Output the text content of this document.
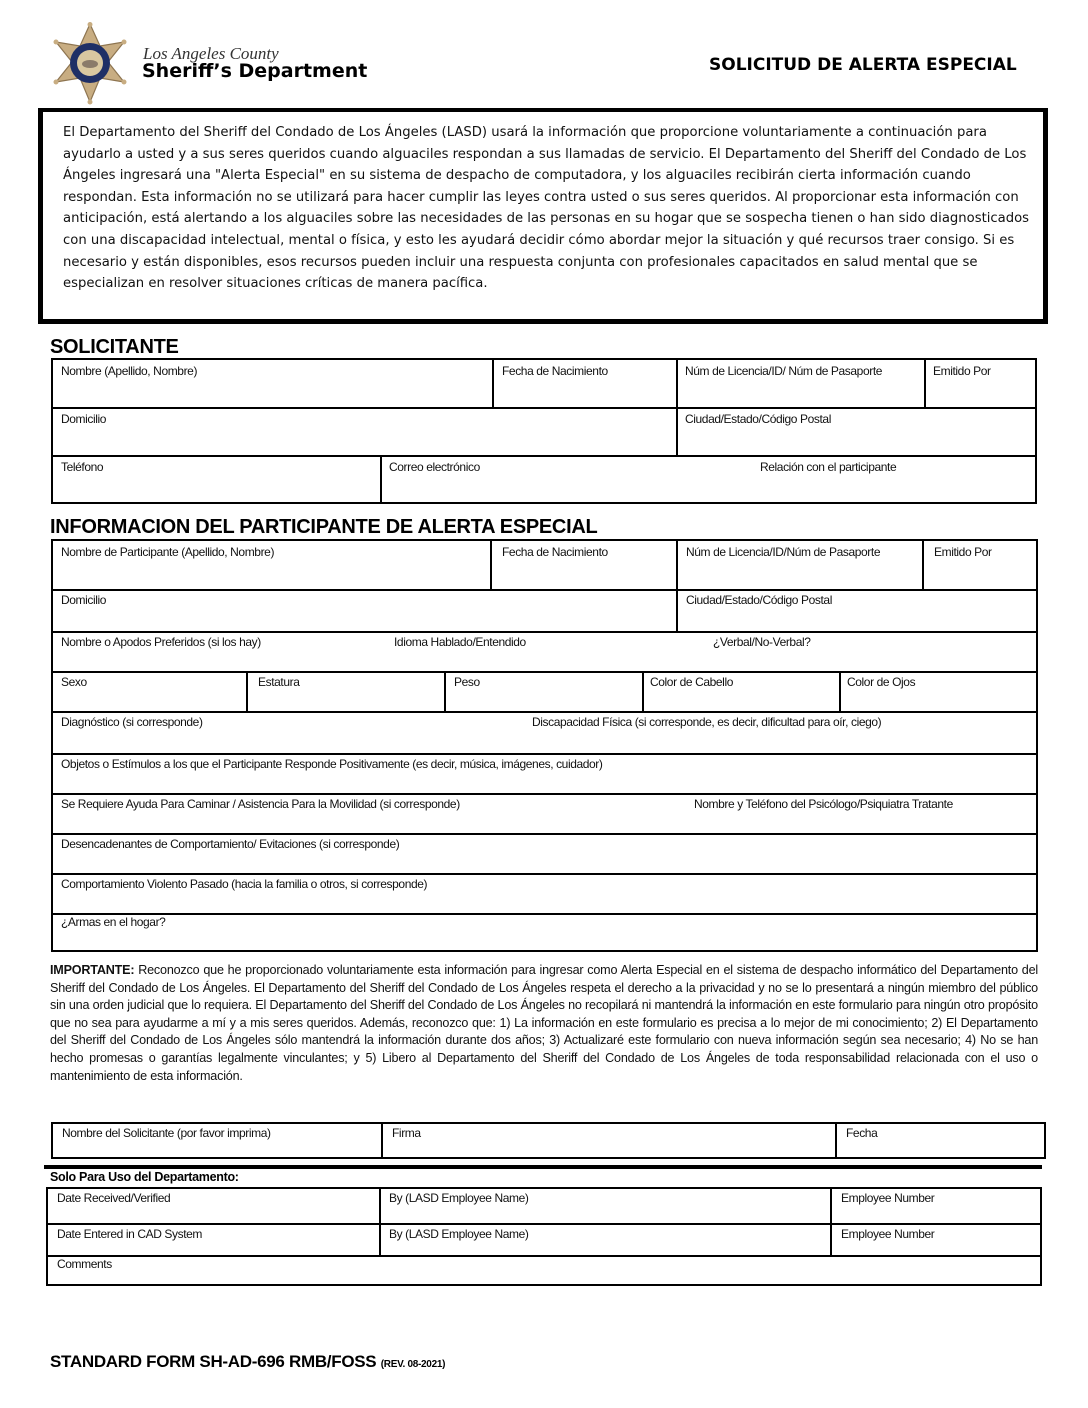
Los Angeles County
Sheriff’s Department	SOLICITUD DE ALERTA ESPECIAL
El Departamento del Sheriff del Condado de Los Ángeles (LASD) usará la información que proporcione voluntariamente a continuación para ayudarlo a usted y a sus seres queridos cuando alguaciles respondan a sus llamadas de servicio. El Departamento del Sheriff del Condado de Los Ángeles ingresará una "Alerta Especial" en su sistema de despacho de computadora, y los alguaciles recibirán cierta información cuando respondan. Esta información no se utilizará para hacer cumplir las leyes contra usted o sus seres queridos. Al proporcionar esta información con anticipación, está alertando a los alguaciles sobre las necesidades de las personas en su hogar que se sospecha tienen o han sido diagnosticados con una discapacidad intelectual, mental o física, y esto les ayudará decidir cómo abordar mejor la situación y qué recursos traer consigo. Si es necesario y están disponibles, esos recursos pueden incluir una respuesta conjunta con profesionales capacitados en salud mental que se especializan en resolver situaciones críticas de manera pacífica.
SOLICITANTE
Nombre (Apellido, Nombre)	Fecha de Nacimiento	Núm de Licencia/ID/ Núm de Pasaporte	Emitido Por
Domicilio	Ciudad/Estado/Código Postal
Teléfono	Correo electrónico	Relación con el participante
INFORMACION DEL PARTICIPANTE DE ALERTA ESPECIAL
Nombre de Participante (Apellido, Nombre)	Fecha de Nacimiento	Núm de Licencia/ID/Núm de Pasaporte	Emitido Por
Domicilio	Ciudad/Estado/Código Postal
Nombre o Apodos Preferidos (si los hay)	Idioma Hablado/Entendido	¿Verbal/No-Verbal?
Sexo	Estatura	Peso	Color de Cabello	Color de Ojos
Diagnóstico (si corresponde)	Discapacidad Física (si corresponde, es decir, dificultad para oír, ciego)
Objetos o Estímulos a los que el Participante Responde Positivamente (es decir, música, imágenes, cuidador)
Se Requiere Ayuda Para Caminar / Asistencia Para la Movilidad (si corresponde)	Nombre y Teléfono del Psicólogo/Psiquiatra Tratante
Desencadenantes de Comportamiento/ Evitaciones (si corresponde)
Comportamiento Violento Pasado (hacia la familia o otros, si corresponde)
¿Armas en el hogar?
IMPORTANTE: Reconozco que he proporcionado voluntariamente esta información para ingresar como Alerta Especial en el sistema de despacho informático del Departamento del Sheriff del Condado de Los Ángeles. El Departamento del Sheriff del Condado de Los Ángeles respeta el derecho a la privacidad y no se lo presentará a ningún miembro del público sin una orden judicial que lo requiera. El Departamento del Sheriff del Condado de Los Ángeles no recopilará ni mantendrá la información en este formulario para ningún otro propósito que no sea para ayudarme a mí y a mis seres queridos. Además, reconozco que: 1) La información en este formulario es precisa a lo mejor de mi conocimiento; 2) El Departamento del Sheriff del Condado de Los Ángeles sólo mantendrá la información durante dos años; 3) Actualizaré este formulario con nueva información según sea necesario; 4) No se han hecho promesas o garantías legalmente vinculantes; y 5) Libero al Departamento del Sheriff del Condado de Los Ángeles de toda responsabilidad relacionada con el uso o mantenimiento de esta información.
Nombre del Solicitante (por favor imprima)	Firma	Fecha
Solo Para Uso del Departamento:
Date Received/Verified	By (LASD Employee Name)	Employee Number
Date Entered in CAD System	By (LASD Employee Name)	Employee Number
Comments
STANDARD FORM SH-AD-696 RMB/FOSS (REV. 08-2021)
